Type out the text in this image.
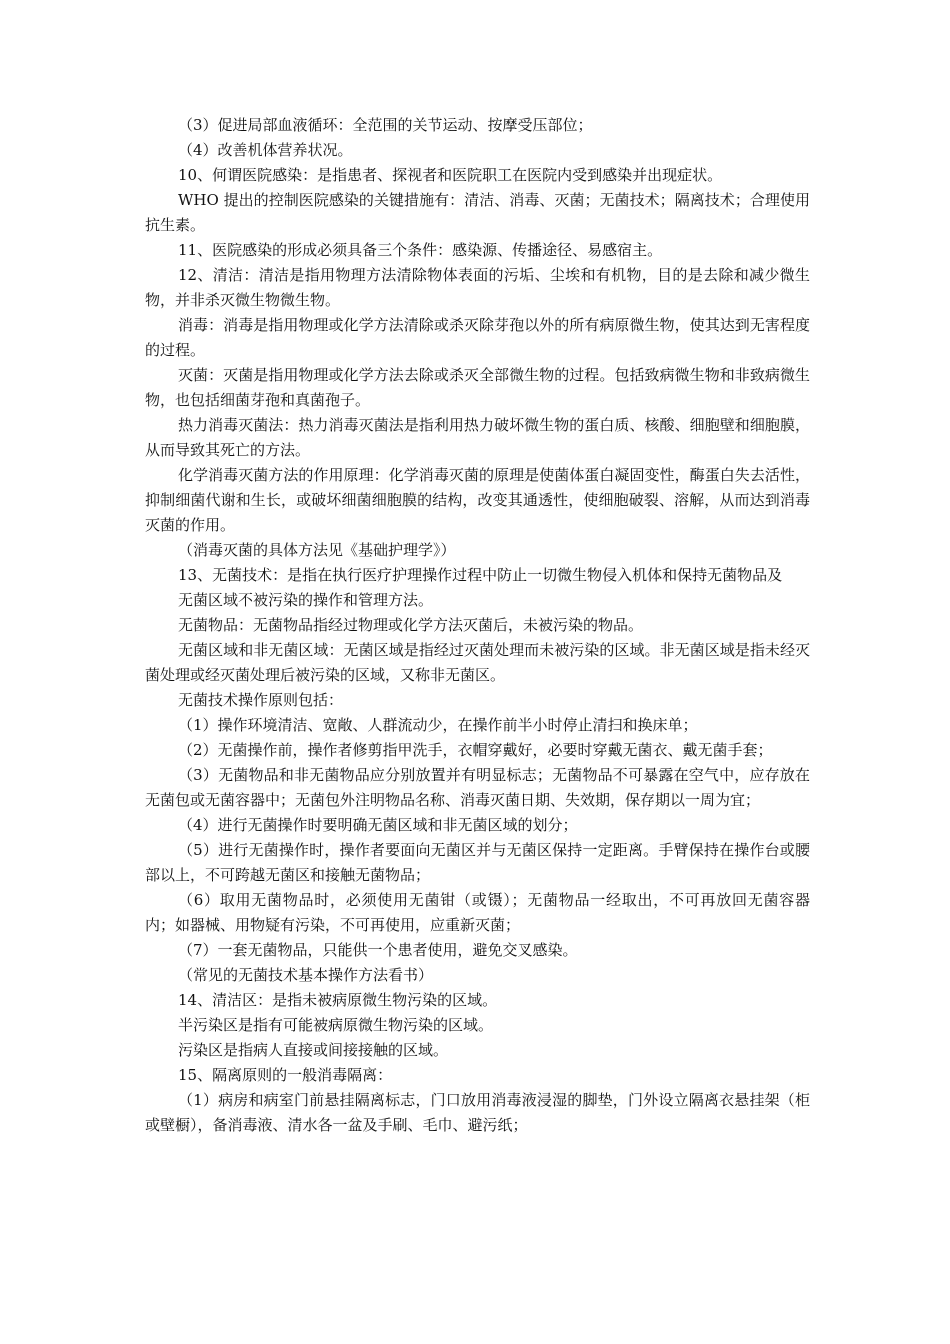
（3）促进局部血液循环：全范围的关节运动、按摩受压部位；

（4）改善机体营养状况。

10、何谓医院感染：是指患者、探视者和医院职工在医院内受到感染并出现症状。

WHO 提出的控制医院感染的关键措施有：清洁、消毒、灭菌；无菌技术；隔离技术；合理使用抗生素。

11、医院感染的形成必须具备三个条件：感染源、传播途径、易感宿主。

12、清洁：清洁是指用物理方法清除物体表面的污垢、尘埃和有机物，目的是去除和减少微生物，并非杀灭微生物微生物。

消毒：消毒是指用物理或化学方法清除或杀灭除芽孢以外的所有病原微生物，使其达到无害程度的过程。

灭菌：灭菌是指用物理或化学方法去除或杀灭全部微生物的过程。包括致病微生物和非致病微生物，也包括细菌芽孢和真菌孢子。

热力消毒灭菌法：热力消毒灭菌法是指利用热力破坏微生物的蛋白质、核酸、细胞壁和细胞膜，从而导致其死亡的方法。

化学消毒灭菌方法的作用原理：化学消毒灭菌的原理是使菌体蛋白凝固变性，酶蛋白失去活性，抑制细菌代谢和生长，或破坏细菌细胞膜的结构，改变其通透性，使细胞破裂、溶解，从而达到消毒灭菌的作用。

（消毒灭菌的具体方法见《基础护理学》）

13、无菌技术：是指在执行医疗护理操作过程中防止一切微生物侵入机体和保持无菌物品及

无菌区域不被污染的操作和管理方法。

无菌物品：无菌物品指经过物理或化学方法灭菌后，未被污染的物品。

无菌区域和非无菌区域：无菌区域是指经过灭菌处理而未被污染的区域。非无菌区域是指未经灭菌处理或经灭菌处理后被污染的区域，又称非无菌区。

无菌技术操作原则包括：

（1）操作环境清洁、宽敞、人群流动少，在操作前半小时停止清扫和换床单；

（2）无菌操作前，操作者修剪指甲洗手，衣帽穿戴好，必要时穿戴无菌衣、戴无菌手套；

（3）无菌物品和非无菌物品应分别放置并有明显标志；无菌物品不可暴露在空气中，应存放在无菌包或无菌容器中；无菌包外注明物品名称、消毒灭菌日期、失效期，保存期以一周为宜；

（4）进行无菌操作时要明确无菌区域和非无菌区域的划分；

（5）进行无菌操作时，操作者要面向无菌区并与无菌区保持一定距离。手臂保持在操作台或腰部以上，不可跨越无菌区和接触无菌物品；

（6）取用无菌物品时，必须使用无菌钳（或镊）；无菌物品一经取出，不可再放回无菌容器内；如器械、用物疑有污染，不可再使用，应重新灭菌；

（7）一套无菌物品，只能供一个患者使用，避免交叉感染。

（常见的无菌技术基本操作方法看书）

14、清洁区：是指未被病原微生物污染的区域。

半污染区是指有可能被病原微生物污染的区域。

污染区是指病人直接或间接接触的区域。

15、隔离原则的一般消毒隔离：

（1）病房和病室门前悬挂隔离标志，门口放用消毒液浸湿的脚垫，门外设立隔离衣悬挂架（柜或壁橱），备消毒液、清水各一盆及手刷、毛巾、避污纸；
